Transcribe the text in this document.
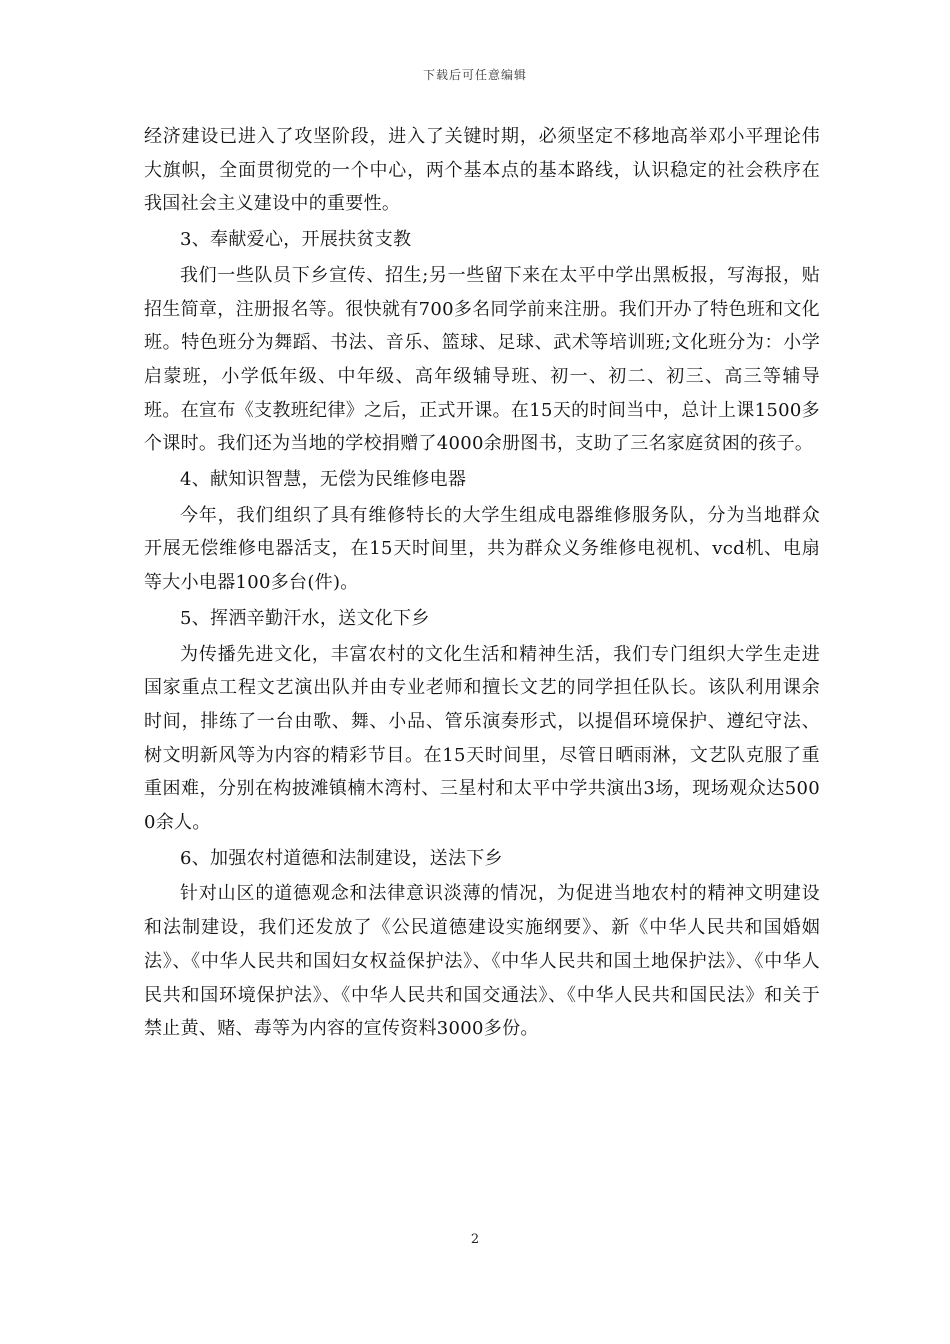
下载后可任意编辑

经济建设已进入了攻坚阶段，进入了关键时期，必须坚定不移地高举邓小平理论伟大旗帜，全面贯彻党的一个中心，两个基本点的基本路线，认识稳定的社会秩序在我国社会主义建设中的重要性。

3、奉献爱心，开展扶贫支教

我们一些队员下乡宣传、招生;另一些留下来在太平中学出黑板报，写海报，贴招生简章，注册报名等。很快就有700多名同学前来注册。我们开办了特色班和文化班。特色班分为舞蹈、书法、音乐、篮球、足球、武术等培训班;文化班分为：小学启蒙班，小学低年级、中年级、高年级辅导班、初一、初二、初三、高三等辅导班。在宣布《支教班纪律》之后，正式开课。在15天的时间当中，总计上课1500多个课时。我们还为当地的学校捐赠了4000余册图书，支助了三名家庭贫困的孩子。

4、献知识智慧，无偿为民维修电器

今年，我们组织了具有维修特长的大学生组成电器维修服务队，分为当地群众开展无偿维修电器活支，在15天时间里，共为群众义务维修电视机、vcd机、电扇等大小电器100多台(件)。

5、挥洒辛勤汗水，送文化下乡

为传播先进文化，丰富农村的文化生活和精神生活，我们专门组织大学生走进国家重点工程文艺演出队并由专业老师和擅长文艺的同学担任队长。该队利用课余时间，排练了一台由歌、舞、小品、管乐演奏形式，以提倡环境保护、遵纪守法、树文明新风等为内容的精彩节目。在15天时间里，尽管日晒雨淋，文艺队克服了重重困难，分别在构披滩镇楠木湾村、三星村和太平中学共演出3场，现场观众达5000余人。

6、加强农村道德和法制建设，送法下乡

针对山区的道德观念和法律意识淡薄的情况，为促进当地农村的精神文明建设和法制建设，我们还发放了《公民道德建设实施纲要》、新《中华人民共和国婚姻法》、《中华人民共和国妇女权益保护法》、《中华人民共和国土地保护法》、《中华人民共和国环境保护法》、《中华人民共和国交通法》、《中华人民共和国民法》和关于禁止黄、赌、毒等为内容的宣传资料3000多份。

2
